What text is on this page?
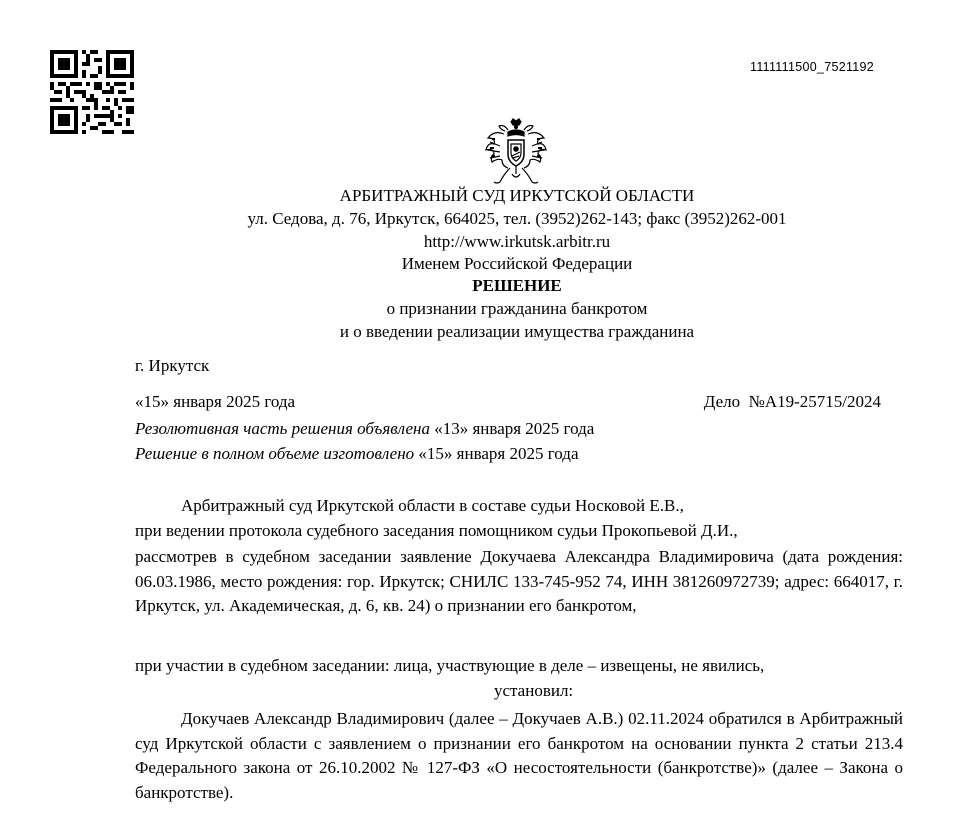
1111111500_7521192
АРБИТРАЖНЫЙ СУД ИРКУТСКОЙ ОБЛАСТИ
ул. Седова, д. 76, Иркутск, 664025, тел. (3952)262-143; факс (3952)262-001
http://www.irkutsk.arbitr.ru
Именем Российской Федерации
РЕШЕНИЕ
о признании гражданина банкротом
и о введении реализации имущества гражданина
г. Иркутск
«15» января 2025 года	Дело  №А19-25715/2024
Резолютивная часть решения объявлена «13» января 2025 года
Решение в полном объеме изготовлено «15» января 2025 года
Арбитражный суд Иркутской области в составе судьи Носковой Е.В.,
при ведении протокола судебного заседания помощником судьи Прокопьевой Д.И.,
рассмотрев в судебном заседании заявление Докучаева Александра Владимировича (дата рождения: 06.03.1986, место рождения: гор. Иркутск; СНИЛС 133-745-952 74, ИНН 381260972739; адрес: 664017, г. Иркутск, ул. Академическая, д. 6, кв. 24) о признании его банкротом,
при участии в судебном заседании: лица, участвующие в деле – извещены, не явились,
установил:
Докучаев Александр Владимирович (далее – Докучаев А.В.) 02.11.2024 обратился в Арбитражный суд Иркутской области с заявлением о признании его банкротом на основании пункта 2 статьи 213.4 Федерального закона от 26.10.2002 № 127-ФЗ «О несостоятельности (банкротстве)» (далее – Закона о банкротстве).
